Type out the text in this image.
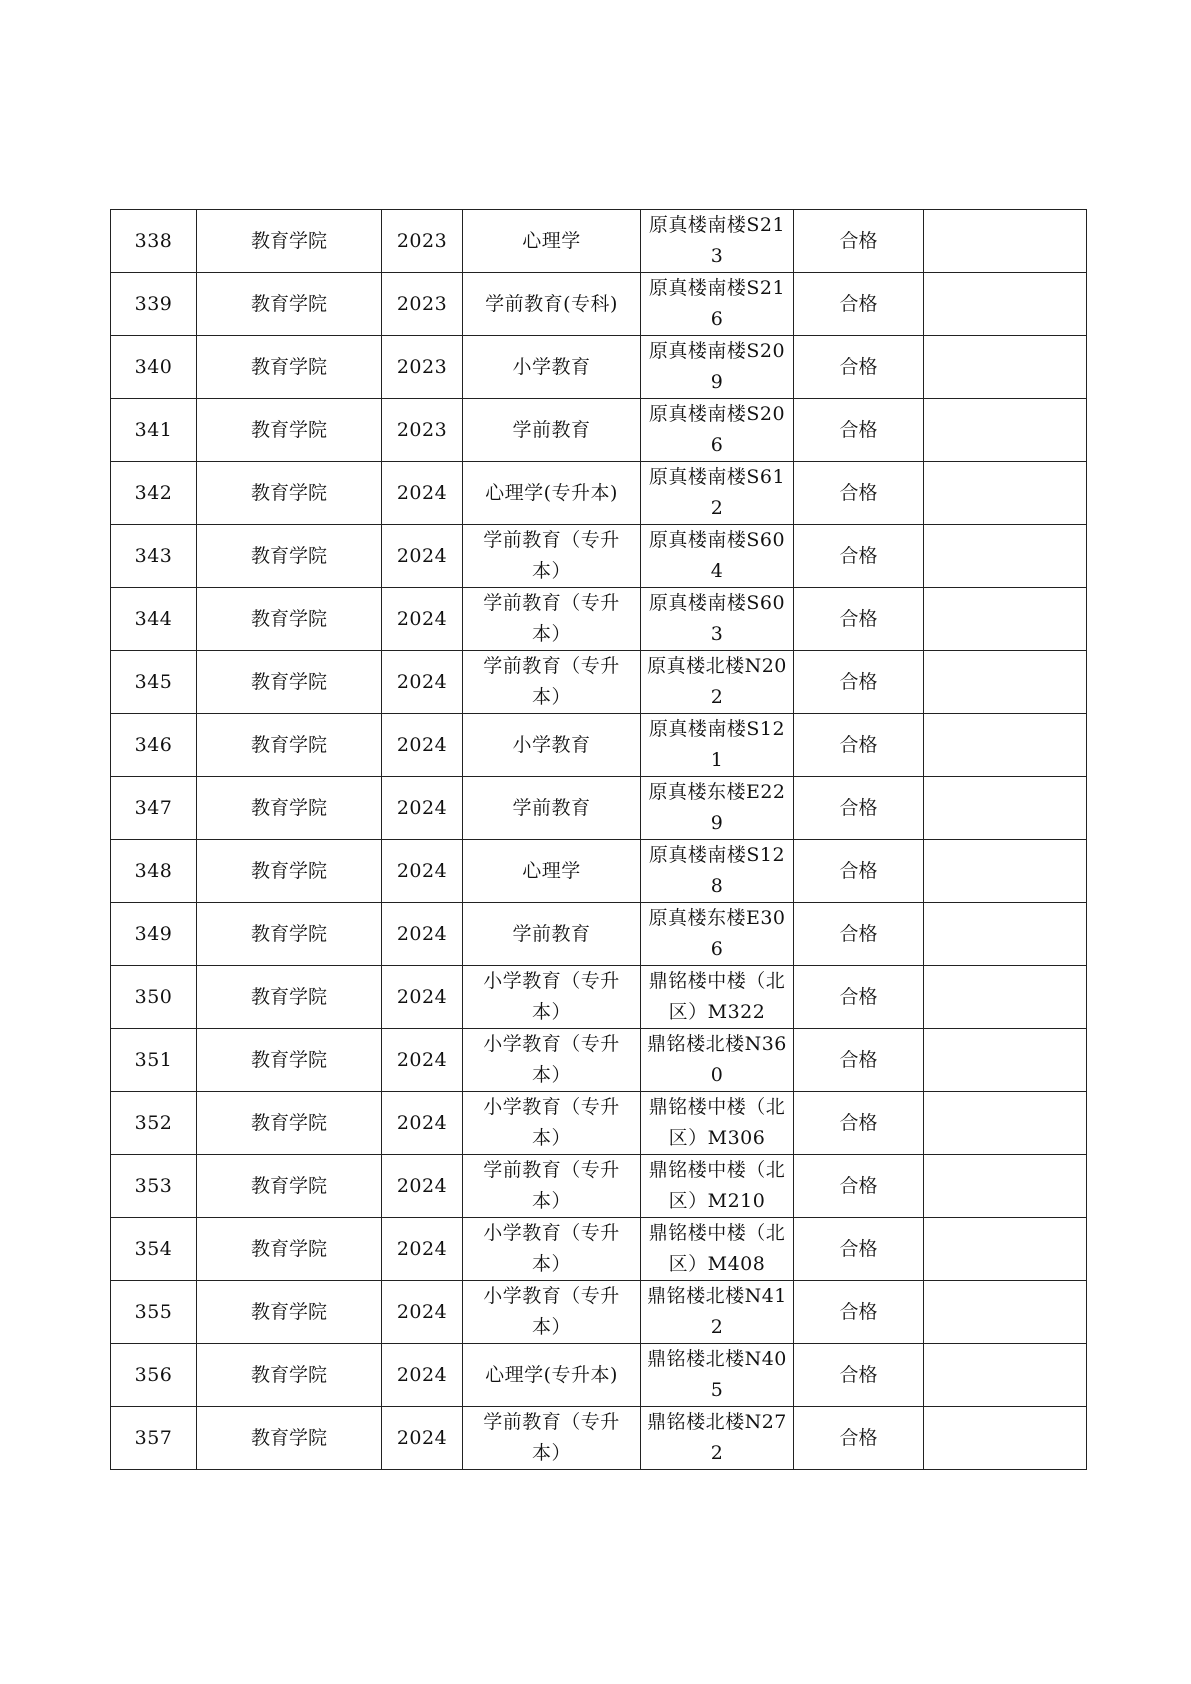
338	教育学院	2023	心理学	原真楼南楼S213	合格	
339	教育学院	2023	学前教育(专科)	原真楼南楼S216	合格	
340	教育学院	2023	小学教育	原真楼南楼S209	合格	
341	教育学院	2023	学前教育	原真楼南楼S206	合格	
342	教育学院	2024	心理学(专升本)	原真楼南楼S612	合格	
343	教育学院	2024	学前教育（专升本）	原真楼南楼S604	合格	
344	教育学院	2024	学前教育（专升本）	原真楼南楼S603	合格	
345	教育学院	2024	学前教育（专升本）	原真楼北楼N202	合格	
346	教育学院	2024	小学教育	原真楼南楼S121	合格	
347	教育学院	2024	学前教育	原真楼东楼E229	合格	
348	教育学院	2024	心理学	原真楼南楼S128	合格	
349	教育学院	2024	学前教育	原真楼东楼E306	合格	
350	教育学院	2024	小学教育（专升本）	鼎铭楼中楼（北区）M322	合格	
351	教育学院	2024	小学教育（专升本）	鼎铭楼北楼N360	合格	
352	教育学院	2024	小学教育（专升本）	鼎铭楼中楼（北区）M306	合格	
353	教育学院	2024	学前教育（专升本）	鼎铭楼中楼（北区）M210	合格	
354	教育学院	2024	小学教育（专升本）	鼎铭楼中楼（北区）M408	合格	
355	教育学院	2024	小学教育（专升本）	鼎铭楼北楼N412	合格	
356	教育学院	2024	心理学(专升本)	鼎铭楼北楼N405	合格	
357	教育学院	2024	学前教育（专升本）	鼎铭楼北楼N272	合格	
